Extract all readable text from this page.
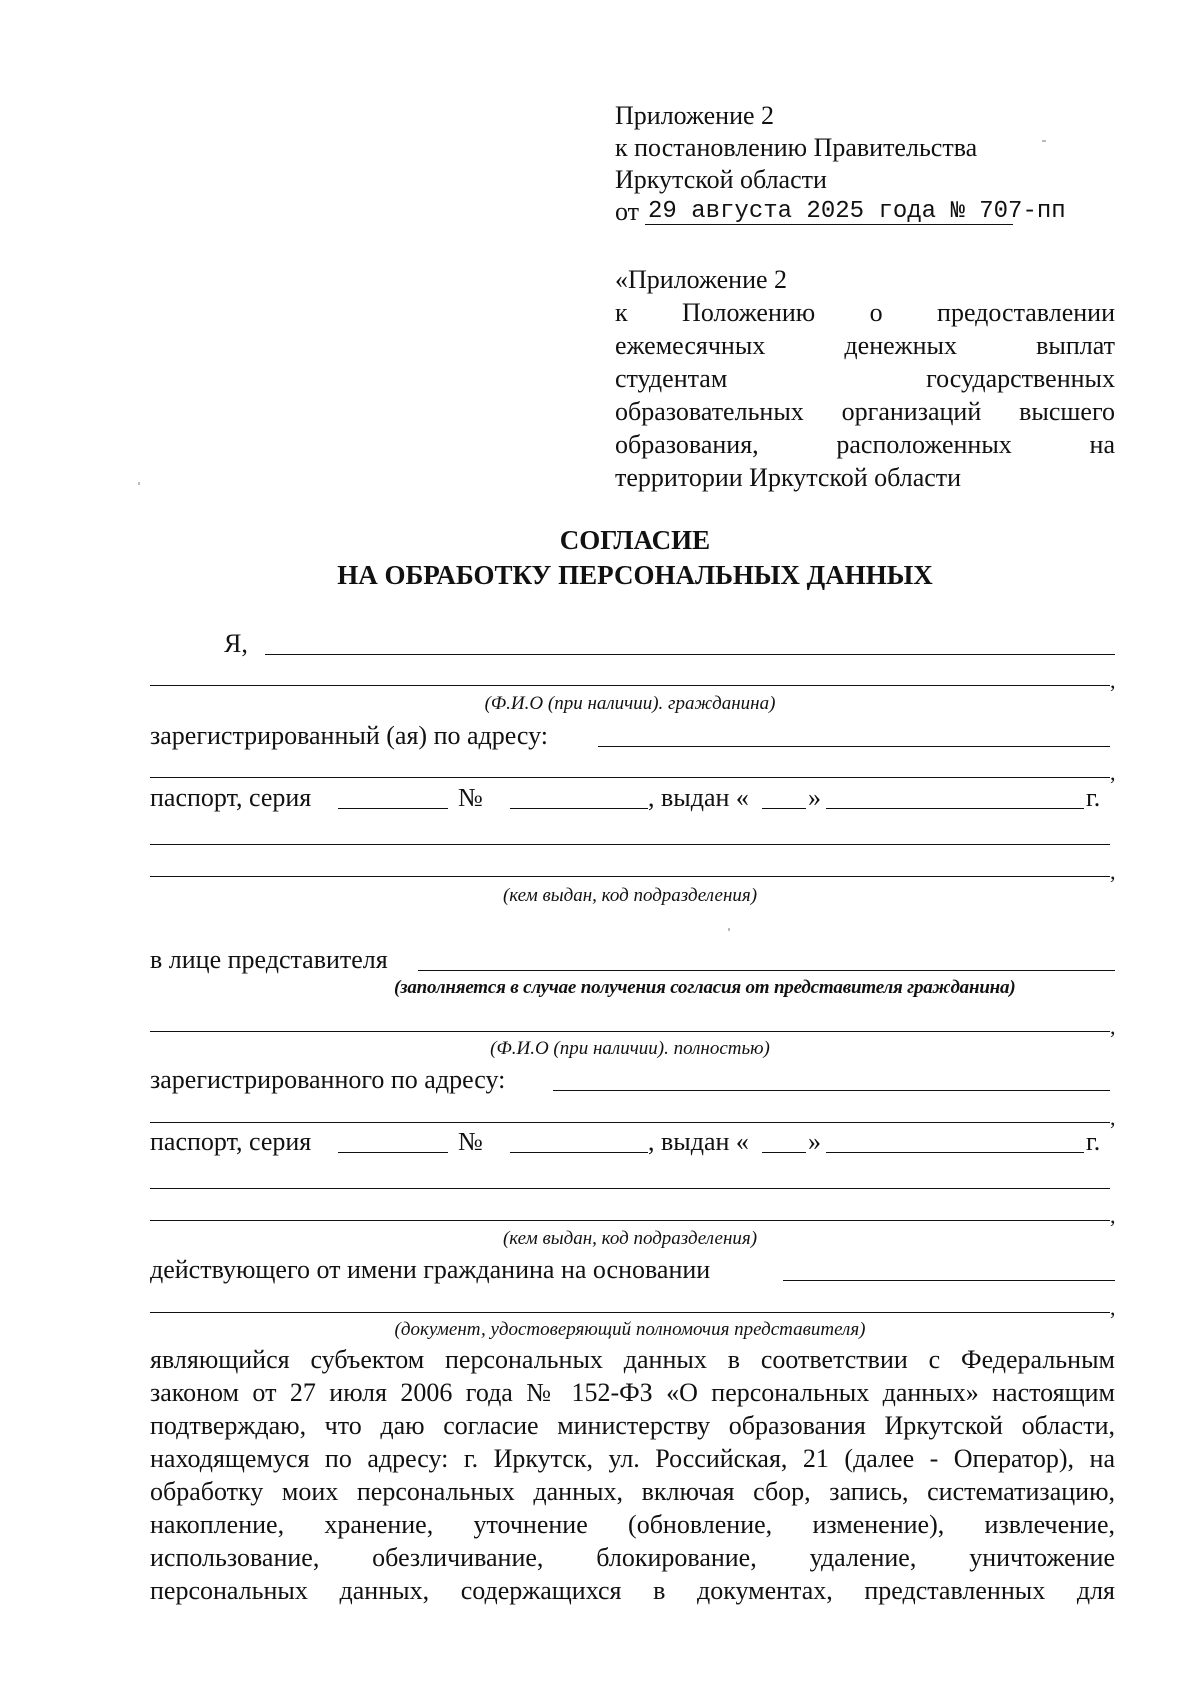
Приложение 2
к постановлению Правительства
Иркутской области
от 29 августа 2025 года № 707-пп
«Приложение 2
к Положению о предоставлении
ежемесячных денежных выплат
студентам государственных
образовательных организаций высшего
образования, расположенных на
территории Иркутской области
СОГЛАСИЕ
НА ОБРАБОТКУ ПЕРСОНАЛЬНЫХ ДАННЫХ
Я,
,
(Ф.И.О (при наличии). гражданина)
зарегистрированный (ая) по адресу:
,
паспорт, серия	№	, выдан « »	г.
,
(кем выдан, код подразделения)
в лице представителя
(заполняется в случае получения согласия от представителя гражданина)
,
(Ф.И.О (при наличии). полностью)
зарегистрированного по адресу:
,
паспорт, серия	№	, выдан « »	г.
,
(кем выдан, код подразделения)
действующего от имени гражданина на основании
,
(документ, удостоверяющий полномочия представителя)
являющийся субъектом персональных данных в соответствии с Федеральным
законом от 27 июля 2006 года № 152-ФЗ «О персональных данных» настоящим
подтверждаю, что даю согласие министерству образования Иркутской области,
находящемуся по адресу: г. Иркутск, ул. Российская, 21 (далее - Оператор), на
обработку моих персональных данных, включая сбор, запись, систематизацию,
накопление, хранение, уточнение (обновление, изменение), извлечение,
использование, обезличивание, блокирование, удаление, уничтожение
персональных данных, содержащихся в документах, представленных для
